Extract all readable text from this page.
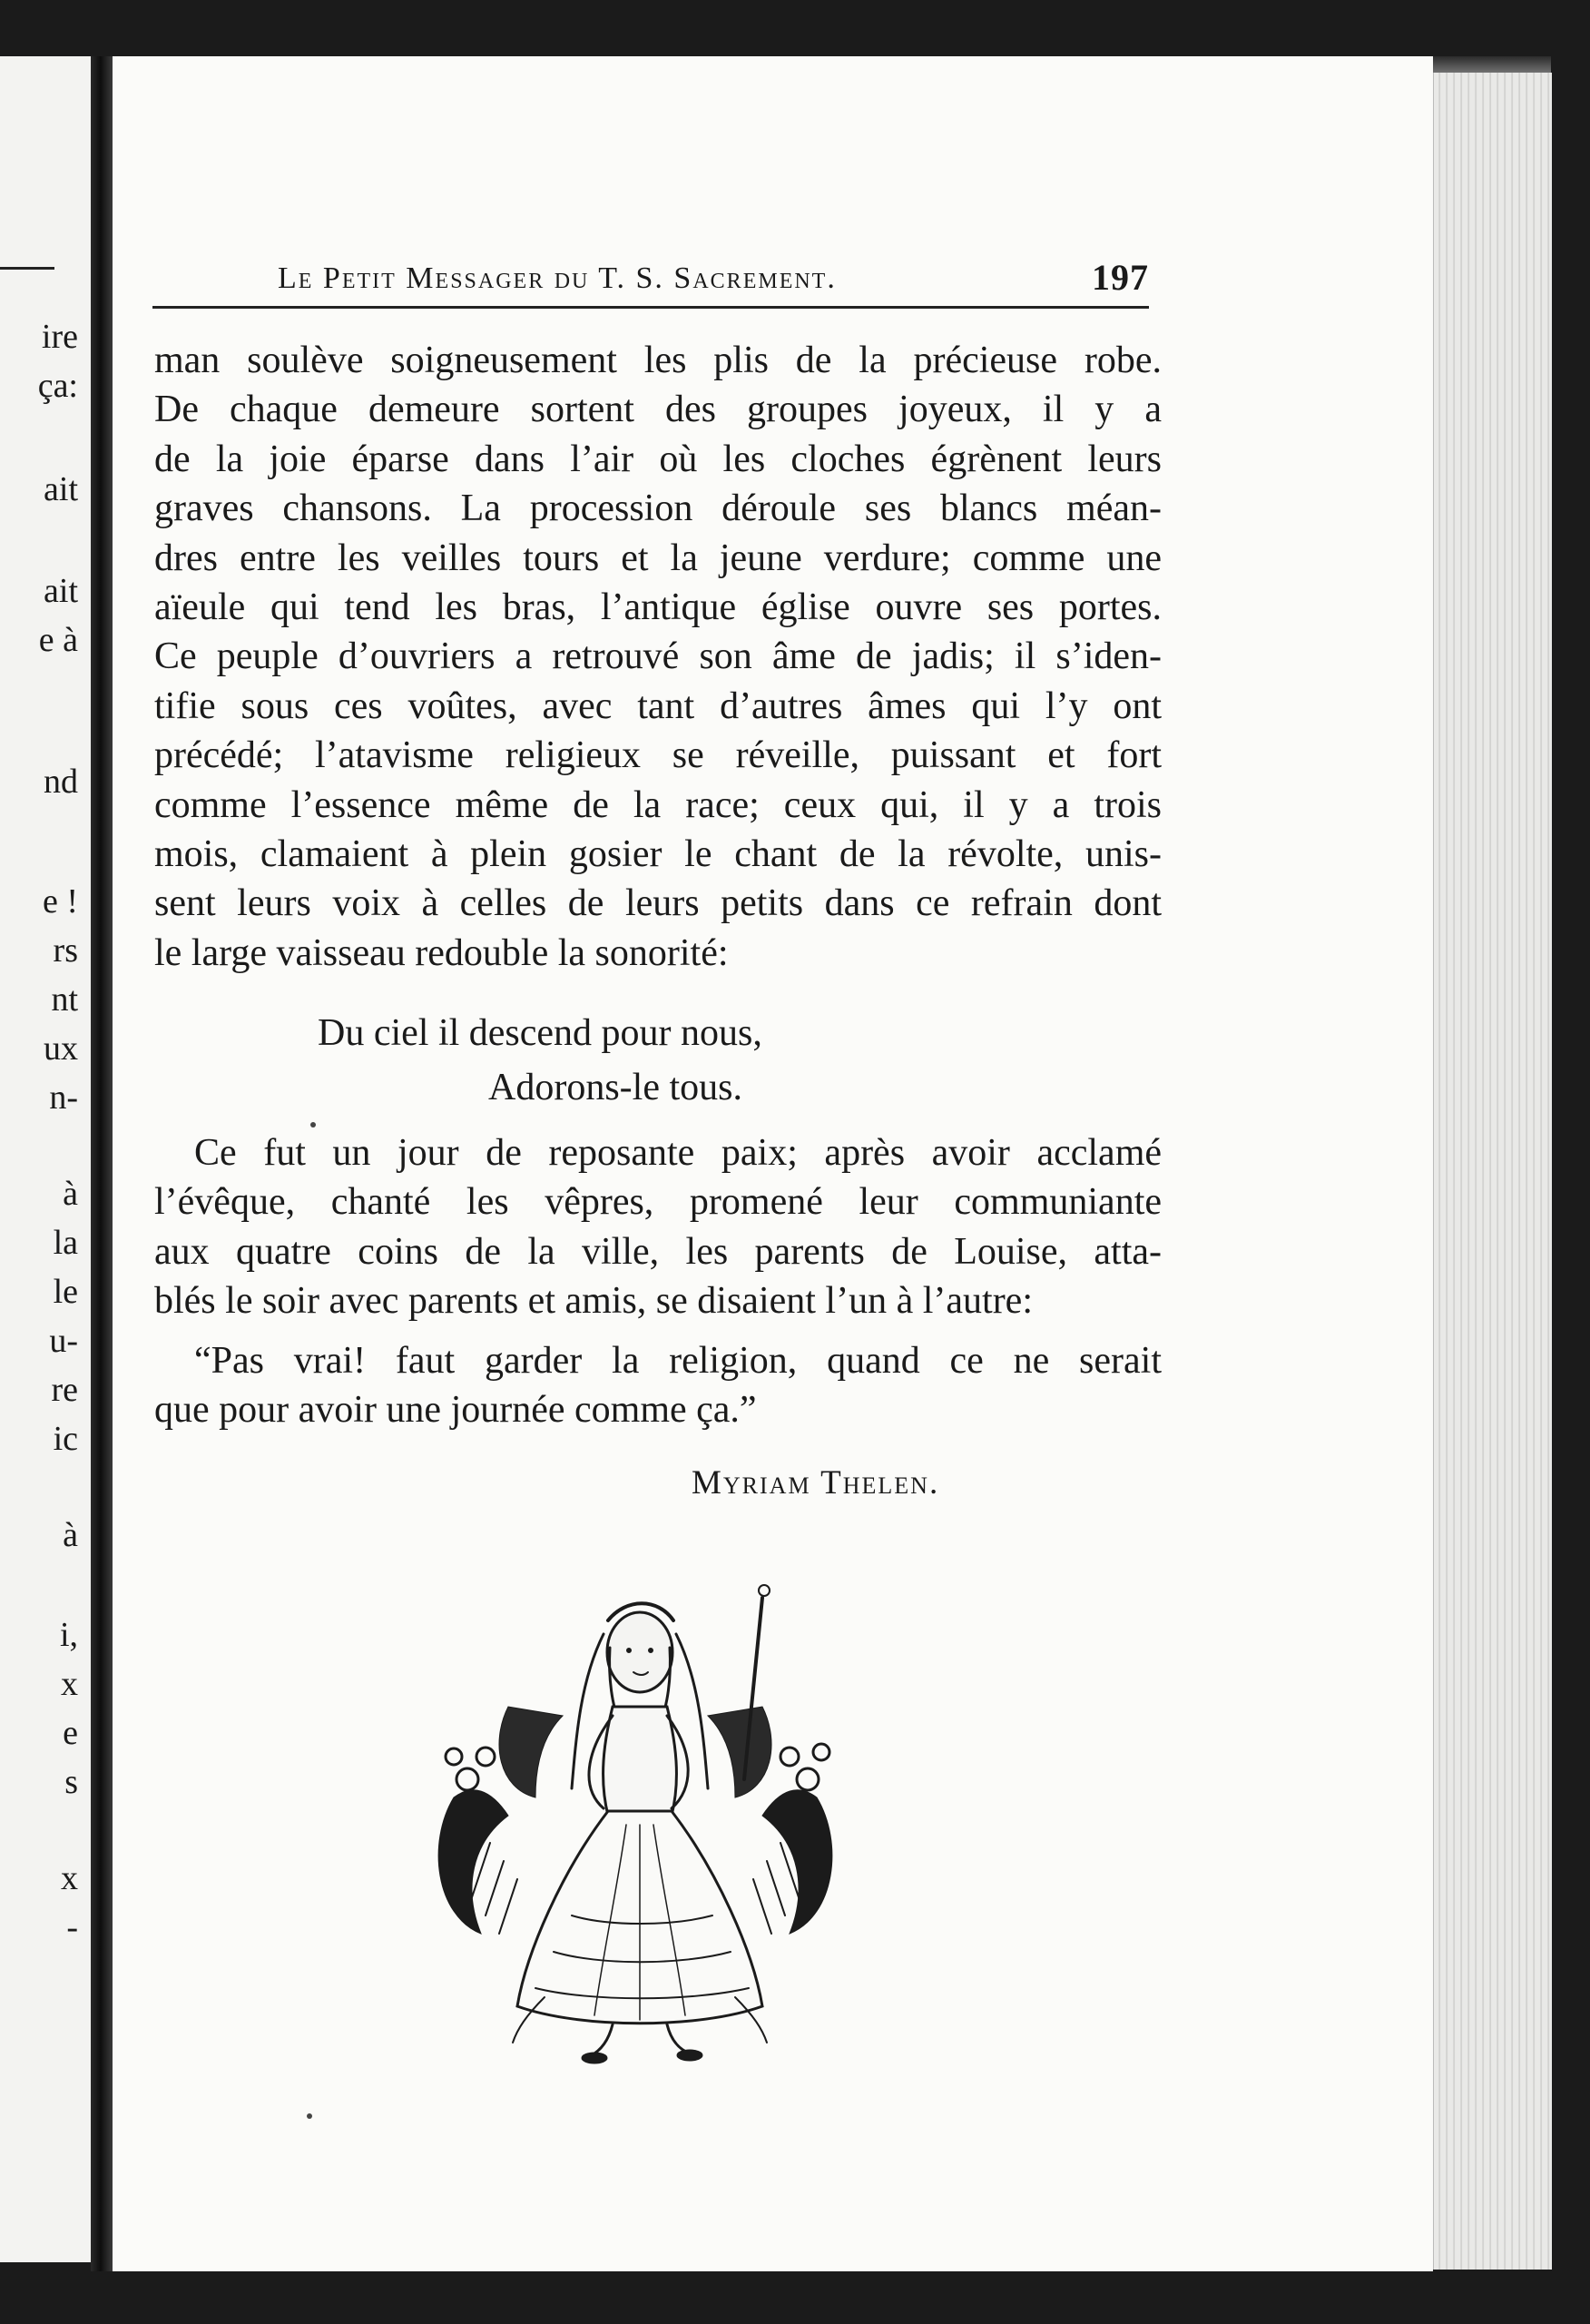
ire
ça:
ait
ait
e à
nd
e !
rs
nt
ux
n-
à
la
le
u-
re
ic
à
i,
x
e
s
x
-
Le Petit Messager du T. S. Sacrement.	197
man soulève soigneusement les plis de la précieuse robe.
De chaque demeure sortent des groupes joyeux, il y a
de la joie éparse dans l’air où les cloches égrènent leurs
graves chansons. La procession déroule ses blancs méan-
dres entre les veilles tours et la jeune verdure; comme une
aïeule qui tend les bras, l’antique église ouvre ses portes.
Ce peuple d’ouvriers a retrouvé son âme de jadis; il s’iden-
tifie sous ces voûtes, avec tant d’autres âmes qui l’y ont
précédé; l’atavisme religieux se réveille, puissant et fort
comme l’essence même de la race; ceux qui, il y a trois
mois, clamaient à plein gosier le chant de la révolte, unis-
sent leurs voix à celles de leurs petits dans ce refrain dont
le large vaisseau redouble la sonorité:
Du ciel il descend pour nous,
Adorons-le tous.
Ce fut un jour de reposante paix; après avoir acclamé
l’évêque, chanté les vêpres, promené leur communiante
aux quatre coins de la ville, les parents de Louise, atta-
blés le soir avec parents et amis, se disaient l’un à l’autre:
“Pas vrai! faut garder la religion, quand ce ne serait
que pour avoir une journée comme ça.”
Myriam Thelen.
